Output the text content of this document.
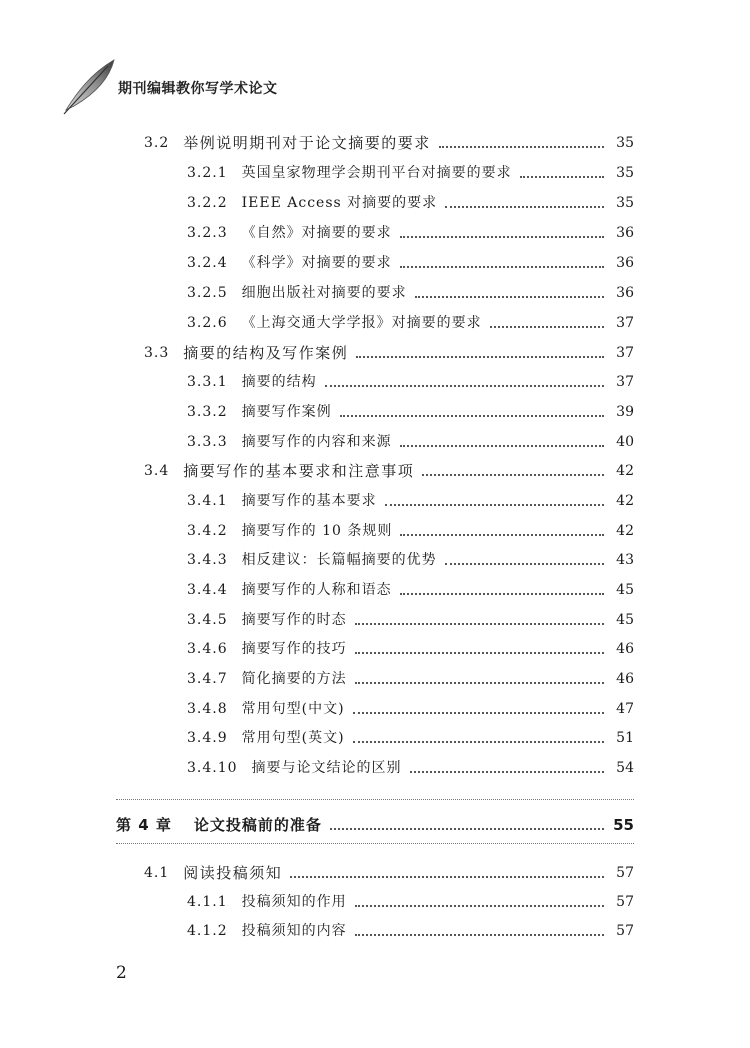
期刊编辑教你写学术论文
3.2 举例说明期刊对于论文摘要的要求	35
3.2.1 英国皇家物理学会期刊平台对摘要的要求	35
3.2.2 IEEE Access 对摘要的要求	35
3.2.3 《自然》对摘要的要求	36
3.2.4 《科学》对摘要的要求	36
3.2.5 细胞出版社对摘要的要求	36
3.2.6 《上海交通大学学报》对摘要的要求	37
3.3 摘要的结构及写作案例	37
3.3.1 摘要的结构	37
3.3.2 摘要写作案例	39
3.3.3 摘要写作的内容和来源	40
3.4 摘要写作的基本要求和注意事项	42
3.4.1 摘要写作的基本要求	42
3.4.2 摘要写作的 10 条规则	42
3.4.3 相反建议：长篇幅摘要的优势	43
3.4.4 摘要写作的人称和语态	45
3.4.5 摘要写作的时态	45
3.4.6 摘要写作的技巧	46
3.4.7 简化摘要的方法	46
3.4.8 常用句型(中文)	47
3.4.9 常用句型(英文)	51
3.4.10 摘要与论文结论的区别	54
第 4 章 论文投稿前的准备	55
4.1 阅读投稿须知	57
4.1.1 投稿须知的作用	57
4.1.2 投稿须知的内容	57
2
